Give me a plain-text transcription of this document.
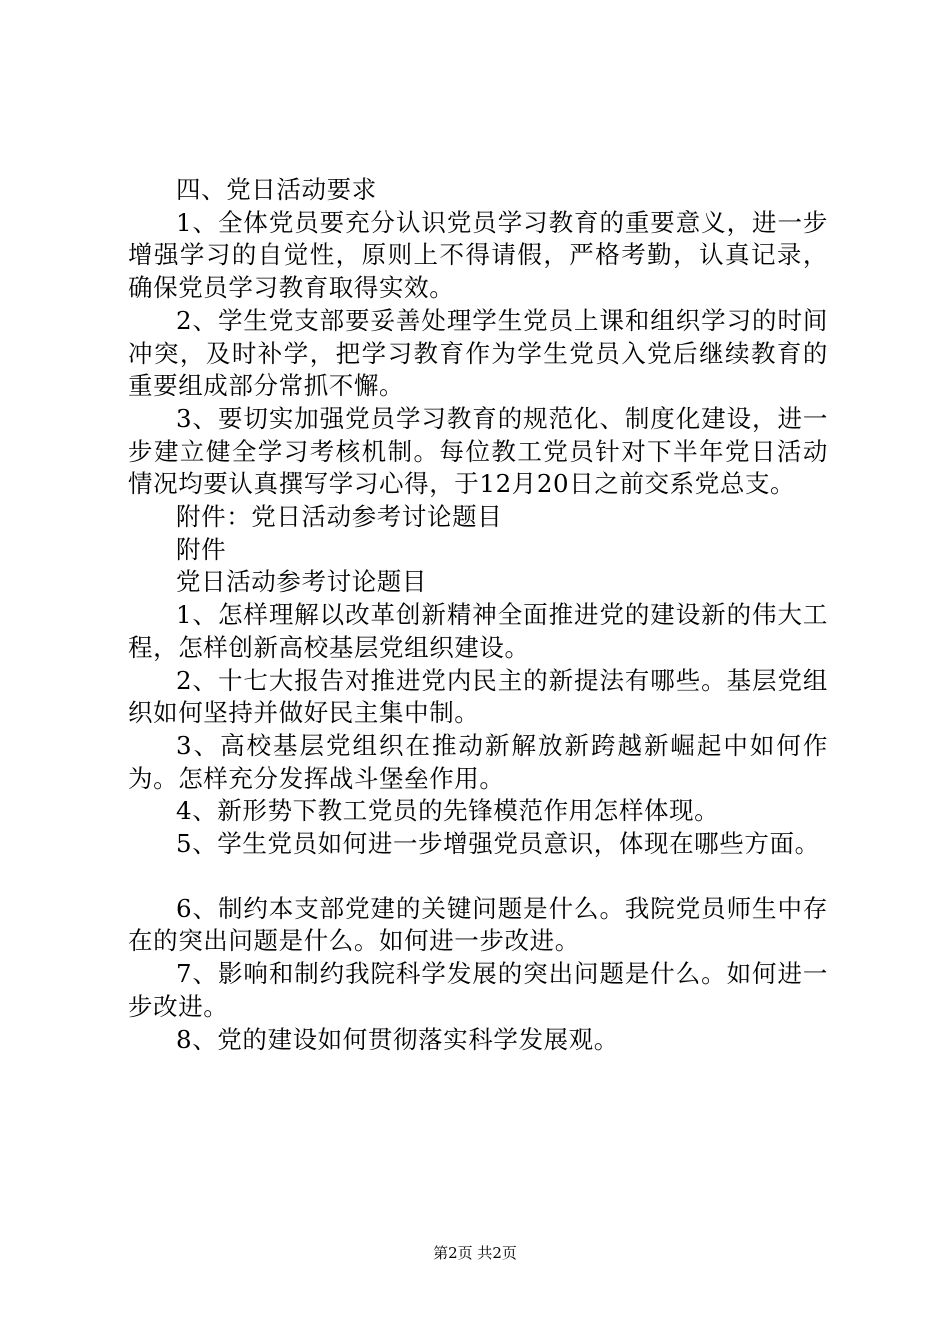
四、党日活动要求

1、全体党员要充分认识党员学习教育的重要意义，进一步增强学习的自觉性，原则上不得请假，严格考勤，认真记录，确保党员学习教育取得实效。

2、学生党支部要妥善处理学生党员上课和组织学习的时间冲突，及时补学，把学习教育作为学生党员入党后继续教育的重要组成部分常抓不懈。

3、要切实加强党员学习教育的规范化、制度化建设，进一步建立健全学习考核机制。每位教工党员针对下半年党日活动情况均要认真撰写学习心得，于12月20日之前交系党总支。

附件：党日活动参考讨论题目

附件

党日活动参考讨论题目

1、怎样理解以改革创新精神全面推进党的建设新的伟大工程，怎样创新高校基层党组织建设。

2、十七大报告对推进党内民主的新提法有哪些。基层党组织如何坚持并做好民主集中制。

3、高校基层党组织在推动新解放新跨越新崛起中如何作为。怎样充分发挥战斗堡垒作用。

4、新形势下教工党员的先锋模范作用怎样体现。

5、学生党员如何进一步增强党员意识，体现在哪些方面。

6、制约本支部党建的关键问题是什么。我院党员师生中存在的突出问题是什么。如何进一步改进。

7、影响和制约我院科学发展的突出问题是什么。如何进一步改进。

8、党的建设如何贯彻落实科学发展观。

第2页 共2页
